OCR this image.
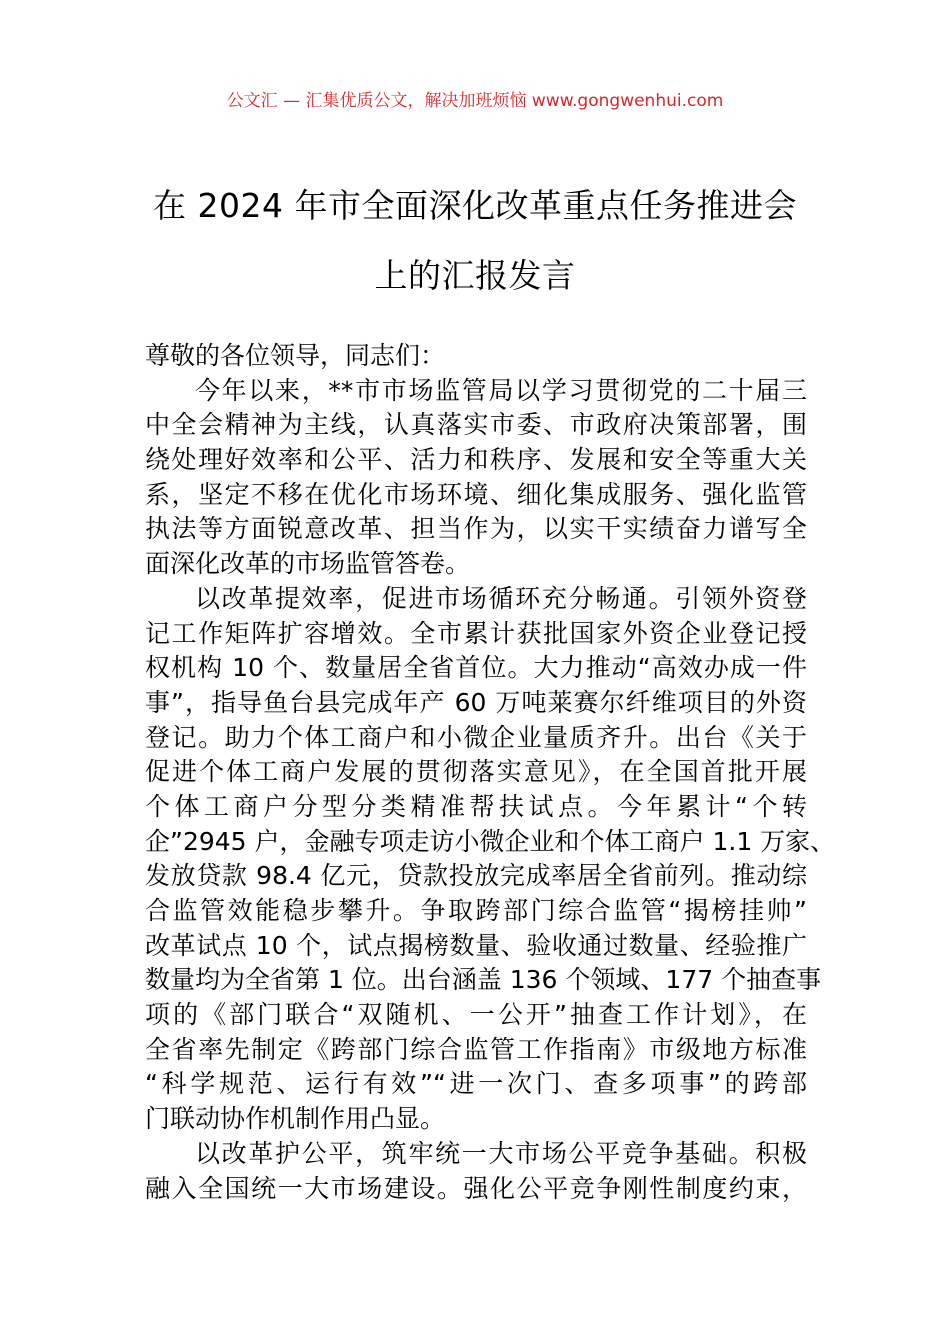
公文汇 — 汇集优质公文，解决加班烦恼 www.gongwenhui.com
在 2024 年市全面深化改革重点任务推进会
上的汇报发言
尊敬的各位领导，同志们：
今年以来，**市市场监管局以学习贯彻党的二十届三
中全会精神为主线，认真落实市委、市政府决策部署，围
绕处理好效率和公平、活力和秩序、发展和安全等重大关
系，坚定不移在优化市场环境、细化集成服务、强化监管
执法等方面锐意改革、担当作为，以实干实绩奋力谱写全
面深化改革的市场监管答卷。
以改革提效率，促进市场循环充分畅通。引领外资登
记工作矩阵扩容增效。全市累计获批国家外资企业登记授
权机构 10 个、数量居全省首位。大力推动“高效办成一件
事”，指导鱼台县完成年产 60 万吨莱赛尔纤维项目的外资
登记。助力个体工商户和小微企业量质齐升。出台《关于
促进个体工商户发展的贯彻落实意见》，在全国首批开展
个体工商户分型分类精准帮扶试点。今年累计“个转
企”2945 户，金融专项走访小微企业和个体工商户 1.1 万家、
发放贷款 98.4 亿元，贷款投放完成率居全省前列。推动综
合监管效能稳步攀升。争取跨部门综合监管“揭榜挂帅”
改革试点 10 个，试点揭榜数量、验收通过数量、经验推广
数量均为全省第 1 位。出台涵盖 136 个领域、177 个抽查事
项的《部门联合“双随机、一公开”抽查工作计划》，在
全省率先制定《跨部门综合监管工作指南》市级地方标准
“科学规范、运行有效”“进一次门、查多项事”的跨部
门联动协作机制作用凸显。
以改革护公平，筑牢统一大市场公平竞争基础。积极
融入全国统一大市场建设。强化公平竞争刚性制度约束，
